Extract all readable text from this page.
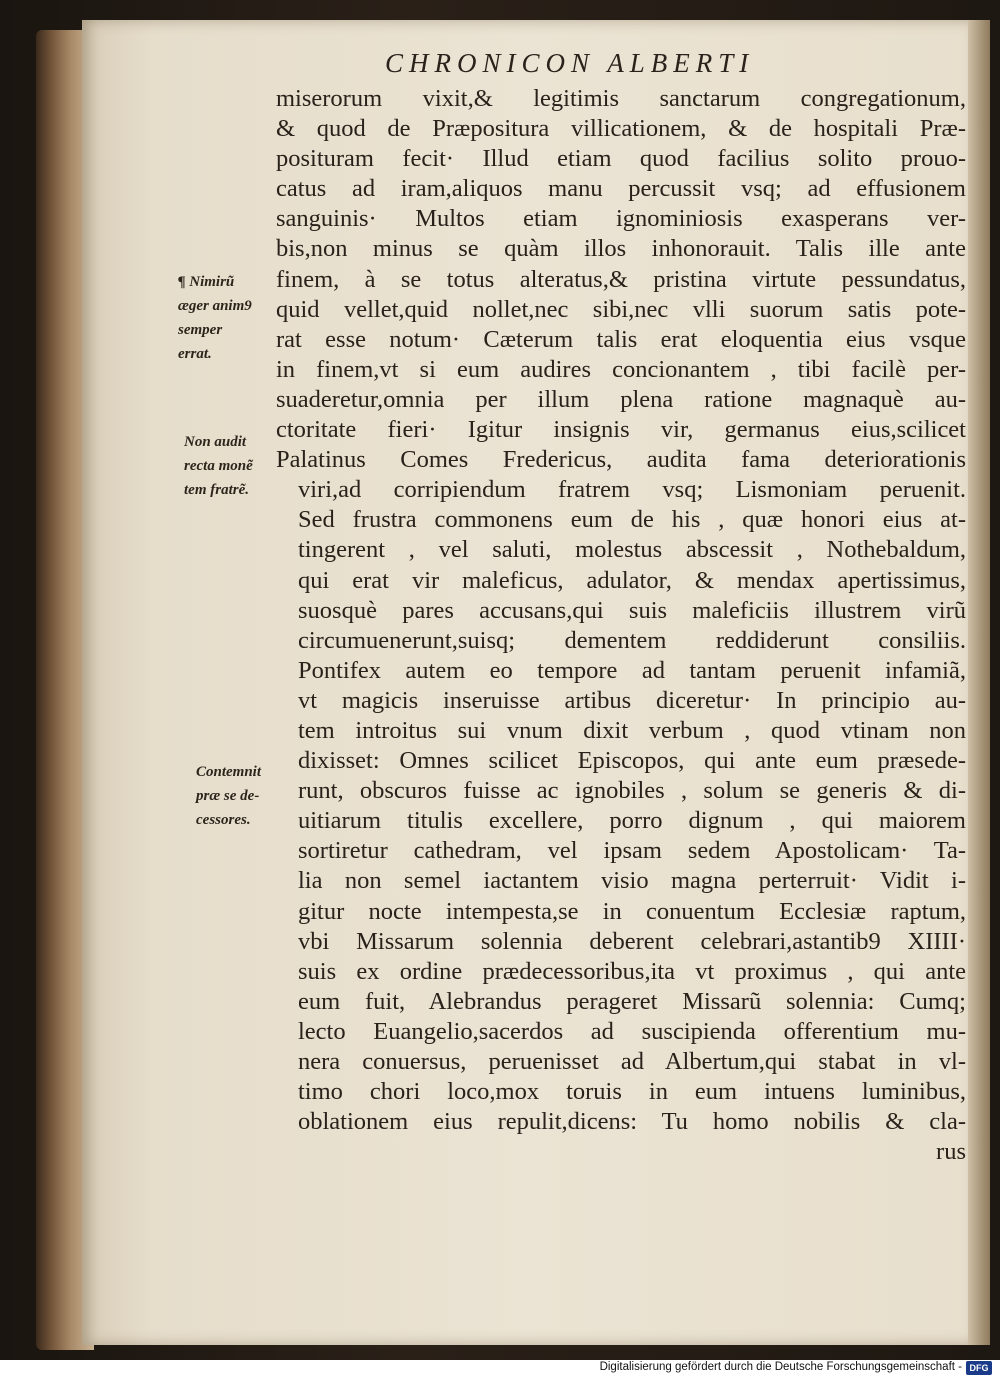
CHRONICON ALBERTI
miserorum vixit,& legitimis sanctarum congregationum,
& quod de Præpositura villicationem, & de hospitali Præ-
posituram fecit· Illud etiam quod facilius solito prouo-
catus ad iram,aliquos manu percussit vsq; ad effusionem
sanguinis· Multos etiam ignominiosis exasperans ver-
bis,non minus se quàm illos inhonorauit. Talis ille ante
finem, à se totus alteratus,& pristina virtute pessundatus,
quid vellet,quid nollet,nec sibi,nec vlli suorum satis pote-
rat esse notum· Cæterum talis erat eloquentia eius vsque
in finem,vt si eum audires concionantem , tibi facilè per-
suaderetur,omnia per illum plena ratione magnaquè au-
ctoritate fieri· Igitur insignis vir, germanus eius,scilicet
Palatinus Comes Fredericus, audita fama deteriorationis
viri,ad corripiendum fratrem vsq; Lismoniam peruenit.
Sed frustra commonens eum de his , quæ honori eius at-
tingerent , vel saluti, molestus abscessit , Nothebaldum,
qui erat vir maleficus, adulator, & mendax apertissimus,
suosquè pares accusans,qui suis maleficiis illustrem virũ
circumuenerunt,suisq; dementem reddiderunt consiliis.
Pontifex autem eo tempore ad tantam peruenit infamiã,
vt magicis inseruisse artibus diceretur· In principio au-
tem introitus sui vnum dixit verbum , quod vtinam non
dixisset: Omnes scilicet Episcopos, qui ante eum præsede-
runt, obscuros fuisse ac ignobiles , solum se generis & di-
uitiarum titulis excellere, porro dignum , qui maiorem
sortiretur cathedram, vel ipsam sedem Apostolicam· Ta-
lia non semel iactantem visio magna perterruit· Vidit i-
gitur nocte intempesta,se in conuentum Ecclesiæ raptum,
vbi Missarum solennia deberent celebrari,astantib9 XIIII·
suis ex ordine prædecessoribus,ita vt proximus , qui ante
eum fuit, Alebrandus perageret Missarũ solennia: Cumq;
lecto Euangelio,sacerdos ad suscipienda offerentium mu-
nera conuersus, peruenisset ad Albertum,qui stabat in vl-
timo chori loco,mox toruis in eum intuens luminibus,
oblationem eius repulit,dicens: Tu homo nobilis & cla-
rus
¶ Nimirũ
æger anim9
semper
errat.
Non audit
recta monẽ
tem fratrẽ.
Contemnit
præ se de-
cessores.
Digitalisierung gefördert durch die Deutsche Forschungsgemeinschaft - DFG
